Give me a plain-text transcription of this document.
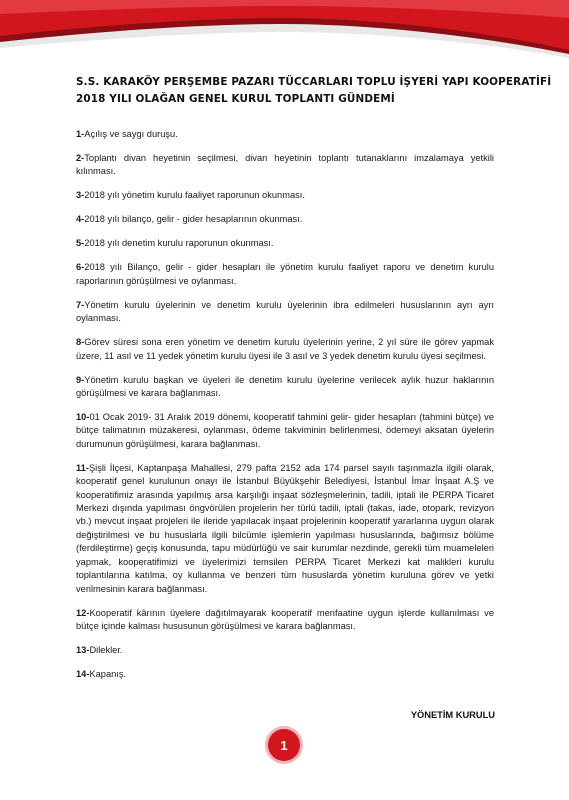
S.S. KARAKÖY PERŞEMBE PAZARI TÜCCARLARI TOPLU İŞYERİ YAPI KOOPERATİFİ
2018 YILI OLAĞAN GENEL KURUL TOPLANTI GÜNDEMİ
1-Açılış ve saygı duruşu.
2-Toplantı divan heyetinin seçilmesi, divan heyetinin toplantı tutanaklarını imzalamaya yetkili kılınması.
3-2018 yılı yönetim kurulu faaliyet raporunun okunması.
4-2018 yılı bilanço, gelir - gider hesaplarının okunması.
5-2018 yılı denetim kurulu raporunun okunması.
6-2018 yılı Bilanço, gelir - gider hesapları ile yönetim kurulu faaliyet raporu ve denetim kurulu raporlarının görüşülmesi ve oylanması.
7-Yönetim kurulu üyelerinin ve denetim kurulu üyelerinin ibra edilmeleri hususlarının ayrı ayrı oylanması.
8-Görev süresi sona eren yönetim ve denetim kurulu üyelerinin yerine, 2 yıl süre ile görev yapmak üzere, 11 asıl ve 11 yedek yönetim kurulu üyesi ile 3 asıl ve 3 yedek denetim kurulu üyesi seçilmesi.
9-Yönetim kurulu başkan ve üyeleri ile denetim kurulu üyelerine verilecek aylık huzur haklarının görüşülmesi ve karara bağlanması.
10-01 Ocak 2019- 31 Aralık 2019 dönemi, kooperatif tahmini gelir- gider hesapları (tahmini bütçe) ve bütçe talimatının müzakeresi, oylanması, ödeme takviminin belirlenmesi, ödemeyi aksatan üyelerin durumunun görüşülmesi, karara bağlanması.
11-Şişli İlçesi, Kaptanpaşa Mahallesi, 279 pafta 2152 ada 174 parsel sayılı taşınmazla ilgili olarak, kooperatif genel kurulunun onayı ile İstanbul Büyükşehir Belediyesi, İstanbul İmar İnşaat A.Ş ve kooperatifimiz arasında yapılmış arsa karşılığı inşaat sözleşmelerinin, tadili, iptali ile PERPA Ticaret Merkezi dışında yapılması öngvörülen projelerin her türlü tadili, iptali (takas, iade, otopark, revizyon vb.) mevcut inşaat projeleri ile ileride yapılacak inşaat projelerinin kooperatif yararlarına uygun olarak değiştirilmesi ve bu hususlarla ilgili bilcümle işlemlerin yapılması hususlarında, bağımsız bölüme (ferdileştirme) geçiş konusunda, tapu müdürlüğü ve sair kurumlar nezdinde, gerekli tüm muameleleri yapmak, kooperatifimizi ve üyelerimizi temsilen PERPA Ticaret Merkezi kat malikleri kurulu toplantılarına katılma, oy kullanma ve benzeri tüm hususlarda yönetim kuruluna görev ve yetki verilmesinin karara bağlanması.
12-Kooperatif kârının üyelere dağıtılmayarak kooperatif menfaatine uygun işlerde kullanılması ve bütçe içinde kalması hususunun görüşülmesi ve karara bağlanması.
13-Dilekler.
14-Kapanış.
YÖNETİM KURULU
1
